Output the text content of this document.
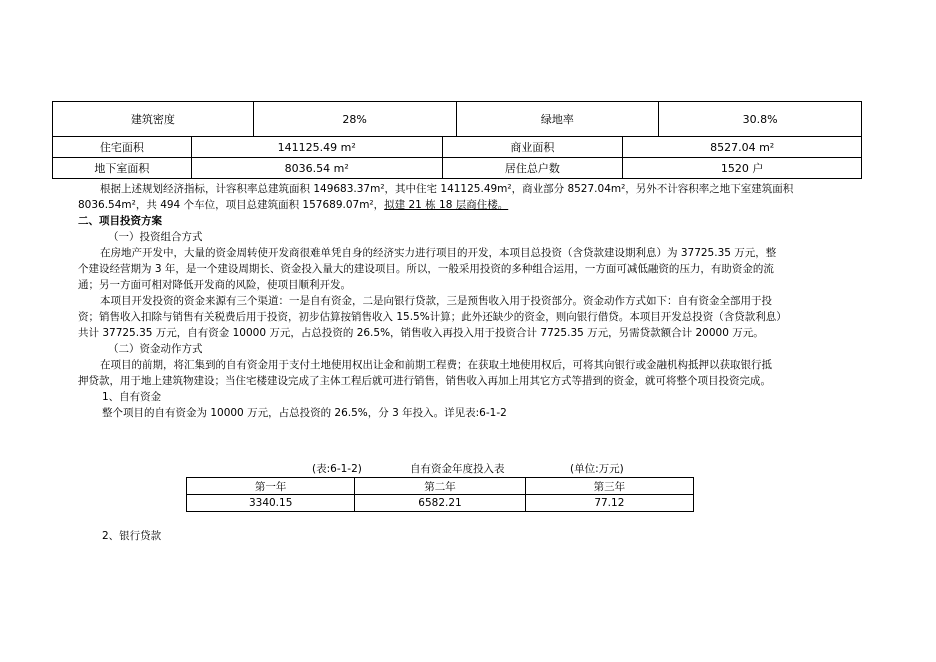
建筑密度	28%	绿地率	30.8%
住宅面积	141125.49 m²	商业面积	8527.04 m²
地下室面积	8036.54 m²	居住总户数	1520 户
根据上述规划经济指标，计容积率总建筑面积 149683.37m²，其中住宅 141125.49m²，商业部分 8527.04m²，另外不计容积率之地下室建筑面积
8036.54m²，共 494 个车位，项目总建筑面积 157689.07m²，拟建 21 栋 18 层商住楼。
二、项目投资方案
（一）投资组合方式
在房地产开发中，大量的资金周转使开发商很难单凭自身的经济实力进行项目的开发，本项目总投资（含贷款建设期利息）为 37725.35 万元，整
个建设经营期为 3 年，是一个建设周期长、资金投入量大的建设项目。所以，一般采用投资的多种组合运用，一方面可减低融资的压力，有助资金的流
通；另一方面可相对降低开发商的风险，使项目顺利开发。
本项目开发投资的资金来源有三个渠道：一是自有资金，二是向银行贷款，三是预售收入用于投资部分。资金动作方式如下：自有资金全部用于投
资；销售收入扣除与销售有关税费后用于投资，初步估算按销售收入 15.5%计算；此外还缺少的资金，则向银行借贷。本项目开发总投资（含贷款利息）
共计 37725.35 万元，自有资金 10000 万元，占总投资的 26.5%，销售收入再投入用于投资合计 7725.35 万元，另需贷款额合计 20000 万元。
（二）资金动作方式
在项目的前期，将汇集到的自有资金用于支付土地使用权出让金和前期工程费；在获取土地使用权后，可将其向银行或金融机构抵押以获取银行抵
押贷款，用于地上建筑物建设；当住宅楼建设完成了主体工程后就可进行销售，销售收入再加上用其它方式等措到的资金，就可将整个项目投资完成。
1、自有资金
整个项目的自有资金为 10000 万元，占总投资的 26.5%，分 3 年投入。详见表:6-1-2
(表:6-1-2)	自有资金年度投入表	(单位:万元)
第一年	第二年	第三年
3340.15	6582.21	77.12
2、银行贷款
